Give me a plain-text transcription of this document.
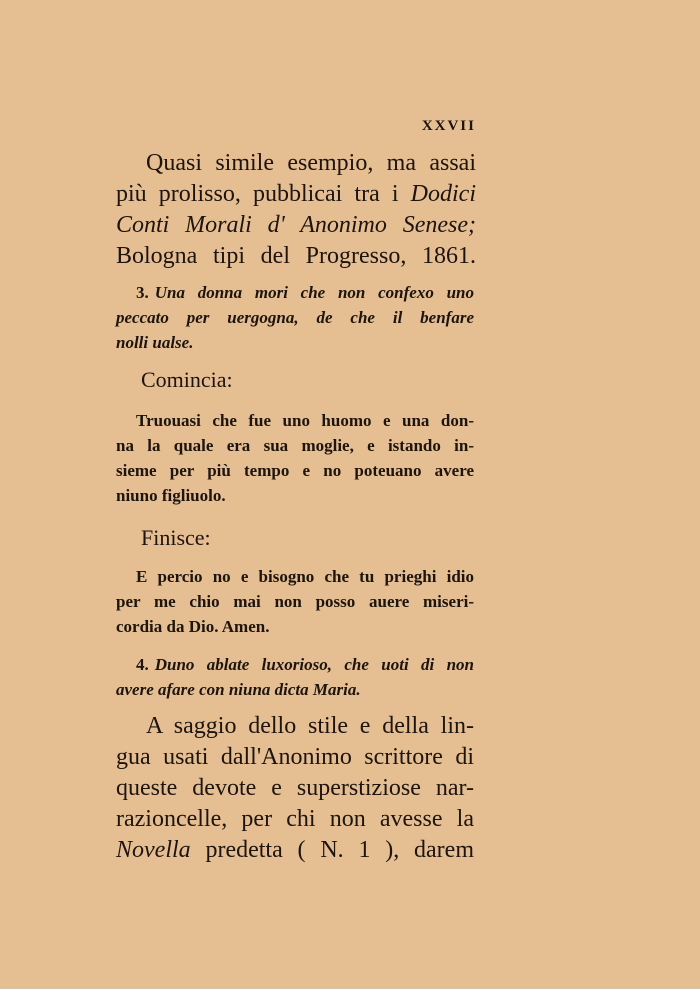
XXVII
Quasi simile esempio, ma assai
più prolisso, pubblicai tra i Dodici
Conti Morali d' Anonimo Senese;
Bologna tipi del Progresso, 1861.
3. Una donna mori che non confexo uno
peccato per uergogna, de che il benfare
nolli ualse.
Comincia:
Truouasi che fue uno huomo e una don-
na la quale era sua moglie, e istando in-
sieme per più tempo e no poteuano avere
niuno figliuolo.
Finisce:
E percio no e bisogno che tu prieghi idio
per me chio mai non posso auere miseri-
cordia da Dio. Amen.
4. Duno ablate luxorioso, che uoti di non
avere afare con niuna dicta Maria.
A saggio dello stile e della lin-
gua usati dall'Anonimo scrittore di
queste devote e superstiziose nar-
razioncelle, per chi non avesse la
Novella predetta ( N. 1 ), darem
